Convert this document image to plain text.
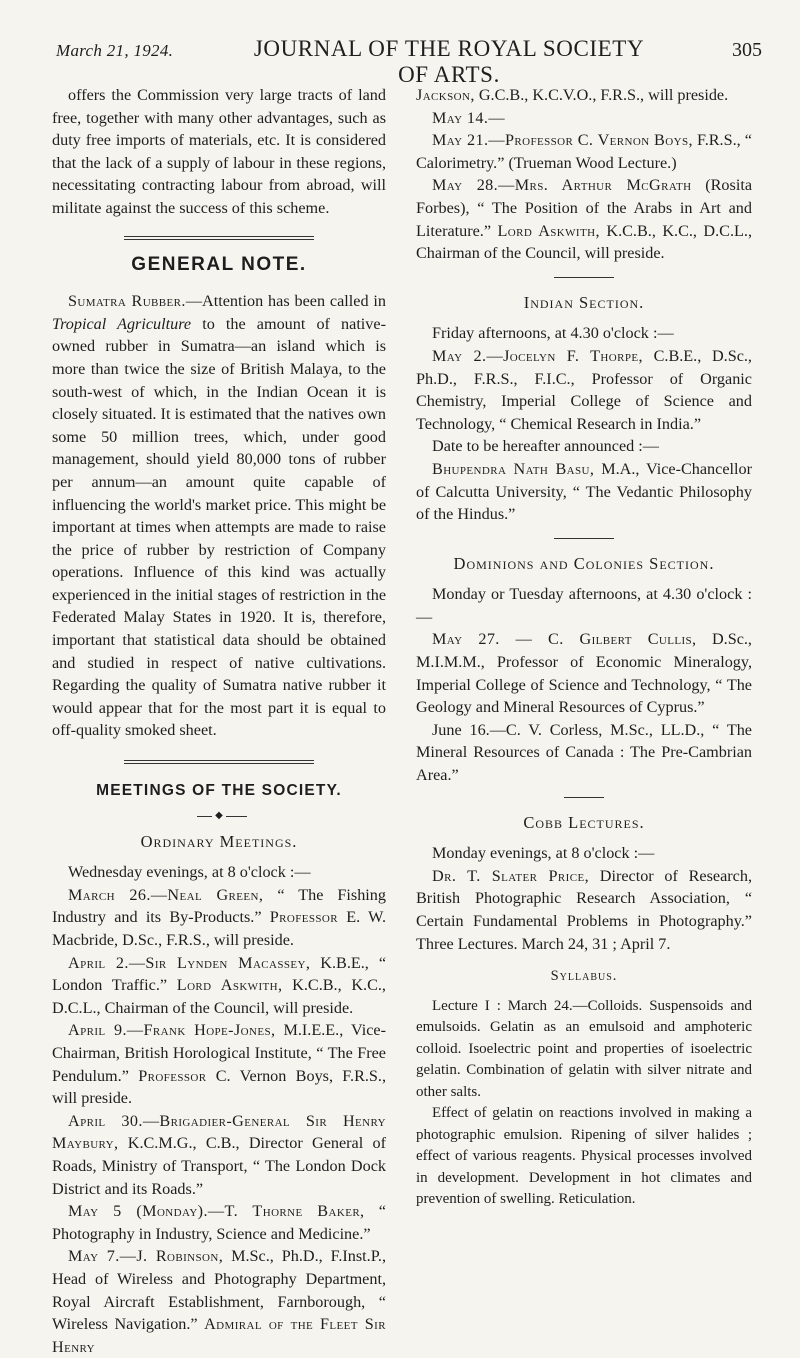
March 21, 1924.	JOURNAL OF THE ROYAL SOCIETY OF ARTS.
305

offers the Commission very large tracts of land free, together with many other advantages, such as duty free imports of materials, etc. It is considered that the lack of a supply of labour in these regions, necessitating contracting labour from abroad, will militate against the success of this scheme.

GENERAL NOTE.

Sumatra Rubber.—Attention has been called in Tropical Agriculture to the amount of native-owned rubber in Sumatra—an island which is more than twice the size of British Malaya, to the south-west of which, in the Indian Ocean it is closely situated. It is estimated that the natives own some 50 million trees, which, under good management, should yield 80,000 tons of rubber per annum—an amount quite capable of influencing the world's market price. This might be important at times when attempts are made to raise the price of rubber by restriction of Company operations. Influence of this kind was actually experienced in the initial stages of restriction in the Federated Malay States in 1920. It is, therefore, important that statistical data should be obtained and studied in respect of native cultivations. Regarding the quality of Sumatra native rubber it would appear that for the most part it is equal to off-quality smoked sheet.

MEETINGS OF THE SOCIETY.
◆
Ordinary Meetings.

Wednesday evenings, at 8 o'clock :—

March 26.—Neal Green, “ The Fishing Industry and its By-Products.” Professor E. W. Macbride, D.Sc., F.R.S., will preside.

April 2.—Sir Lynden Macassey, K.B.E., “ London Traffic.” Lord Askwith, K.C.B., K.C., D.C.L., Chairman of the Council, will preside.

April 9.—Frank Hope-Jones, M.I.E.E., Vice-Chairman, British Horological Institute, “ The Free Pendulum.” Professor C. Vernon Boys, F.R.S., will preside.

April 30.—Brigadier-General Sir Henry Maybury, K.C.M.G., C.B., Director General of Roads, Ministry of Transport, “ The London Dock District and its Roads.”

May 5 (Monday).—T. Thorne Baker, “ Photography in Industry, Science and Medicine.”

May 7.—J. Robinson, M.Sc., Ph.D., F.Inst.P., Head of Wireless and Photography Department, Royal Aircraft Establishment, Farnborough, “ Wireless Navigation.” Admiral of the Fleet Sir Henry

Jackson, G.C.B., K.C.V.O., F.R.S., will preside.

May 14.—

May 21.—Professor C. Vernon Boys, F.R.S., “ Calorimetry.” (Trueman Wood Lecture.)

May 28.—Mrs. Arthur McGrath (Rosita Forbes), “ The Position of the Arabs in Art and Literature.” Lord Askwith, K.C.B., K.C., D.C.L., Chairman of the Council, will preside.

Indian Section.

Friday afternoons, at 4.30 o'clock :—

May 2.—Jocelyn F. Thorpe, C.B.E., D.Sc., Ph.D., F.R.S., F.I.C., Professor of Organic Chemistry, Imperial College of Science and Technology, “ Chemical Research in India.”

Date to be hereafter announced :—

Bhupendra Nath Basu, M.A., Vice-Chancellor of Calcutta University, “ The Vedantic Philosophy of the Hindus.”

Dominions and Colonies Section.

Monday or Tuesday afternoons, at 4.30 o'clock :—

May 27. — C. Gilbert Cullis, D.Sc., M.I.M.M., Professor of Economic Mineralogy, Imperial College of Science and Technology, “ The Geology and Mineral Resources of Cyprus.”

June 16.—C. V. Corless, M.Sc., LL.D., “ The Mineral Resources of Canada : The Pre-Cambrian Area.”

Cobb Lectures.

Monday evenings, at 8 o'clock :—

Dr. T. Slater Price, Director of Research, British Photographic Research Association, “ Certain Fundamental Problems in Photography.” Three Lectures. March 24, 31 ; April 7.

Syllabus.

Lecture I : March 24.—Colloids. Suspensoids and emulsoids. Gelatin as an emulsoid and amphoteric colloid. Isoelectric point and properties of isoelectric gelatin. Combination of gelatin with silver nitrate and other salts.

Effect of gelatin on reactions involved in making a photographic emulsion. Ripening of silver halides ; effect of various reagents. Physical processes involved in development. Development in hot climates and prevention of swelling. Reticulation.
